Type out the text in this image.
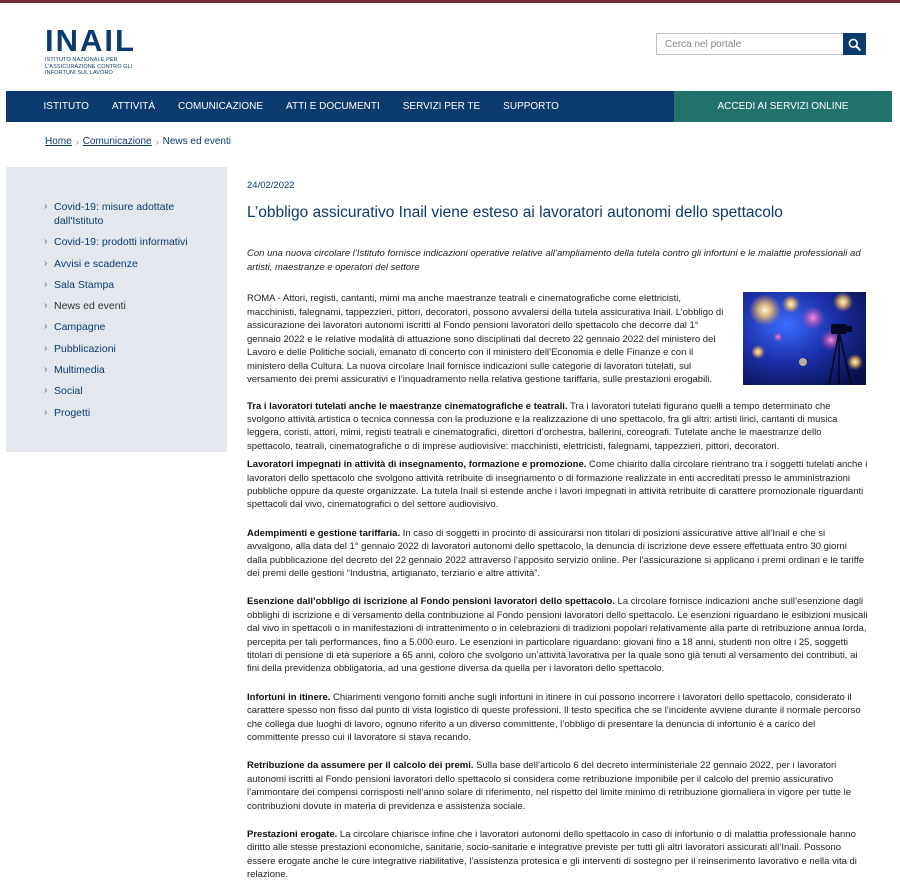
INAIL
ISTITUTO NAZIONALE PER L'ASSICURAZIONE CONTRO GLI INFORTUNI SUL LAVORO
Cerca nel portale
ISTITUTO	ATTIVITÀ	COMUNICAZIONE	ATTI E DOCUMENTI	SERVIZI PER TE	SUPPORTO	ACCEDI AI SERVIZI ONLINE
Home › Comunicazione › News ed eventi
› Covid-19: misure adottate dall'Istituto
› Covid-19: prodotti informativi
› Avvisi e scadenze
› Sala Stampa
› News ed eventi
› Campagne
› Pubblicazioni
› Multimedia
› Social
› Progetti
24/02/2022
L’obbligo assicurativo Inail viene esteso ai lavoratori autonomi dello spettacolo

Con una nuova circolare l’Istituto fornisce indicazioni operative relative all’ampliamento della tutela contro gli infortuni e le malattie professionali ad artisti, maestranze e operatori del settore

ROMA - Attori, registi, cantanti, mimi ma anche maestranze teatrali e cinematografiche come elettricisti, macchinisti, falegnami, tappezzieri, pittori, decoratori, possono avvalersi della tutela assicurativa Inail. L’obbligo di assicurazione dei lavoratori autonomi iscritti al Fondo pensioni lavoratori dello spettacolo che decorre dal 1° gennaio 2022 e le relative modalità di attuazione sono disciplinati dal decreto 22 gennaio 2022 del ministero del Lavoro e delle Politiche sociali, emanato di concerto con il ministero dell’Economia e delle Finanze e con il ministero della Cultura. La nuova circolare Inail fornisce indicazioni sulle categorie di lavoratori tutelati, sul versamento dei premi assicurativi e l’inquadramento nella relativa gestione tariffaria, sulle prestazioni erogabili.

Tra i lavoratori tutelati anche le maestranze cinematografiche e teatrali. Tra i lavoratori tutelati figurano quelli a tempo determinato che svolgono attività artistica o tecnica connessa con la produzione e la realizzazione di uno spettacolo, fra gli altri: artisti lirici, cantanti di musica leggera, coristi, attori, mimi, registi teatrali e cinematografici, direttori d’orchestra, ballerini, coreografi. Tutelate anche le maestranze dello spettacolo, teatrali, cinematografiche o di imprese audiovisive: macchinisti, elettricisti, falegnami, tappezzieri, pittori, decoratori.

Lavoratori impegnati in attività di insegnamento, formazione e promozione. Come chiarito dalla circolare rientrano tra i soggetti tutelati anche i lavoratori dello spettacolo che svolgono attività retribuite di insegnamento o di formazione realizzate in enti accreditati presso le amministrazioni pubbliche oppure da queste organizzate. La tutela Inail si estende anche i lavori impegnati in attività retribuite di carattere promozionale riguardanti spettacoli dal vivo, cinematografici o del settore audiovisivo.

Adempimenti e gestione tariffaria. In caso di soggetti in procinto di assicurarsi non titolari di posizioni assicurative attive all’Inail e che si avvalgono, alla data del 1° gennaio 2022 di lavoratori autonomi dello spettacolo, la denuncia di iscrizione deve essere effettuata entro 30 giorni dalla pubblicazione del decreto del 22 gennaio 2022 attraverso l’apposito servizio online. Per l’assicurazione si applicano i premi ordinari e le tariffe dei premi delle gestioni “Industria, artigianato, terziario e altre attività”.

Esenzione dall’obbligo di iscrizione al Fondo pensioni lavoratori dello spettacolo. La circolare fornisce indicazioni anche sull’esenzione dagli obblighi di iscrizione e di versamento della contribuzione al Fondo pensioni lavoratori dello spettacolo. Le esenzioni riguardano le esibizioni musicali dal vivo in spettacoli o in manifestazioni di intrattenimento o in celebrazioni di tradizioni popolari relativamente alla parte di retribuzione annua lorda, percepita per tali performances, fino a 5.000 euro. Le esenzioni in particolare riguardano: giovani fino a 18 anni, studenti non oltre i 25, soggetti titolari di pensione di età superiore a 65 anni, coloro che svolgono un’attività lavorativa per la quale sono già tenuti al versamento dei contributi, ai fini della previdenza obbligatoria, ad una gestione diversa da quella per i lavoratori dello spettacolo.

Infortuni in itinere. Chiarimenti vengono forniti anche sugli infortuni in itinere in cui possono incorrere i lavoratori dello spettacolo, considerato il carattere spesso non fisso dal punto di vista logistico di queste professioni. Il testo specifica che se l’incidente avviene durante il normale percorso che collega due luoghi di lavoro, ognuno riferito a un diverso committente, l’obbligo di presentare la denuncia di infortunio è a carico del committente presso cui il lavoratore si stava recando.

Retribuzione da assumere per il calcolo dei premi. Sulla base dell’articolo 6 del decreto interministeriale 22 gennaio 2022, per i lavoratori autonomi iscritti al Fondo pensioni lavoratori dello spettacolo si considera come retribuzione imponibile per il calcolo del premio assicurativo l’ammontare dei compensi corrisposti nell’anno solare di riferimento, nel rispetto del limite minimo di retribuzione giornaliera in vigore per tutte le contribuzioni dovute in materia di previdenza e assistenza sociale.

Prestazioni erogate. La circolare chiarisce infine che i lavoratori autonomi dello spettacolo in caso di infortunio o di malattia professionale hanno diritto alle stesse prestazioni economiche, sanitarie, socio-sanitarie e integrative previste per tutti gli altri lavoratori assicurati all’Inail. Possono essere erogate anche le cure integrative riabilitative, l’assistenza protesica e gli interventi di sostegno per il reinserimento lavorativo e nella vita di relazione.
